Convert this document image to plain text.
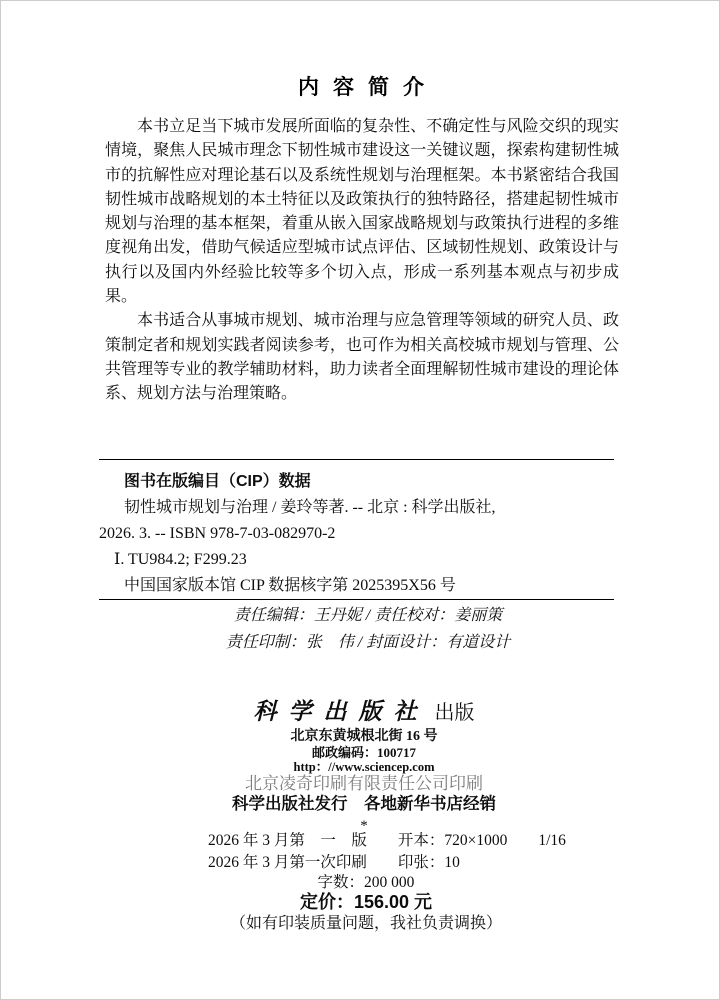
内容简介

本书立足当下城市发展所面临的复杂性、不确定性与风险交织的现实情境，聚焦人民城市理念下韧性城市建设这一关键议题，探索构建韧性城市的抗解性应对理论基石以及系统性规划与治理框架。本书紧密结合我国韧性城市战略规划的本土特征以及政策执行的独特路径，搭建起韧性城市规划与治理的基本框架，着重从嵌入国家战略规划与政策执行进程的多维度视角出发，借助气候适应型城市试点评估、区域韧性规划、政策设计与执行以及国内外经验比较等多个切入点，形成一系列基本观点与初步成果。

本书适合从事城市规划、城市治理与应急管理等领域的研究人员、政策制定者和规划实践者阅读参考，也可作为相关高校城市规划与管理、公共管理等专业的教学辅助材料，助力读者全面理解韧性城市建设的理论体系、规划方法与治理策略。

图书在版编目（CIP）数据
韧性城市规划与治理 / 姜玲等著. -- 北京 : 科学出版社,
2026. 3. -- ISBN 978-7-03-082970-2
Ⅰ. TU984.2; F299.23
中国国家版本馆 CIP 数据核字第 2025395X56 号
责任编辑：王丹妮 / 责任校对：姜丽策
责任印制：张　伟 / 封面设计：有道设计
科学出版社 出版
北京东黄城根北街 16 号
邮政编码：100717
http：//www.sciencep.com
北京凌奇印刷有限责任公司印刷
科学出版社发行　各地新华书店经销
*
2026 年 3 月第　一　版　　开本：720×1000　　1/16
2026 年 3 月第一次印刷　　印张：10
字数：200 000
定价：156.00 元
（如有印装质量问题，我社负责调换）
